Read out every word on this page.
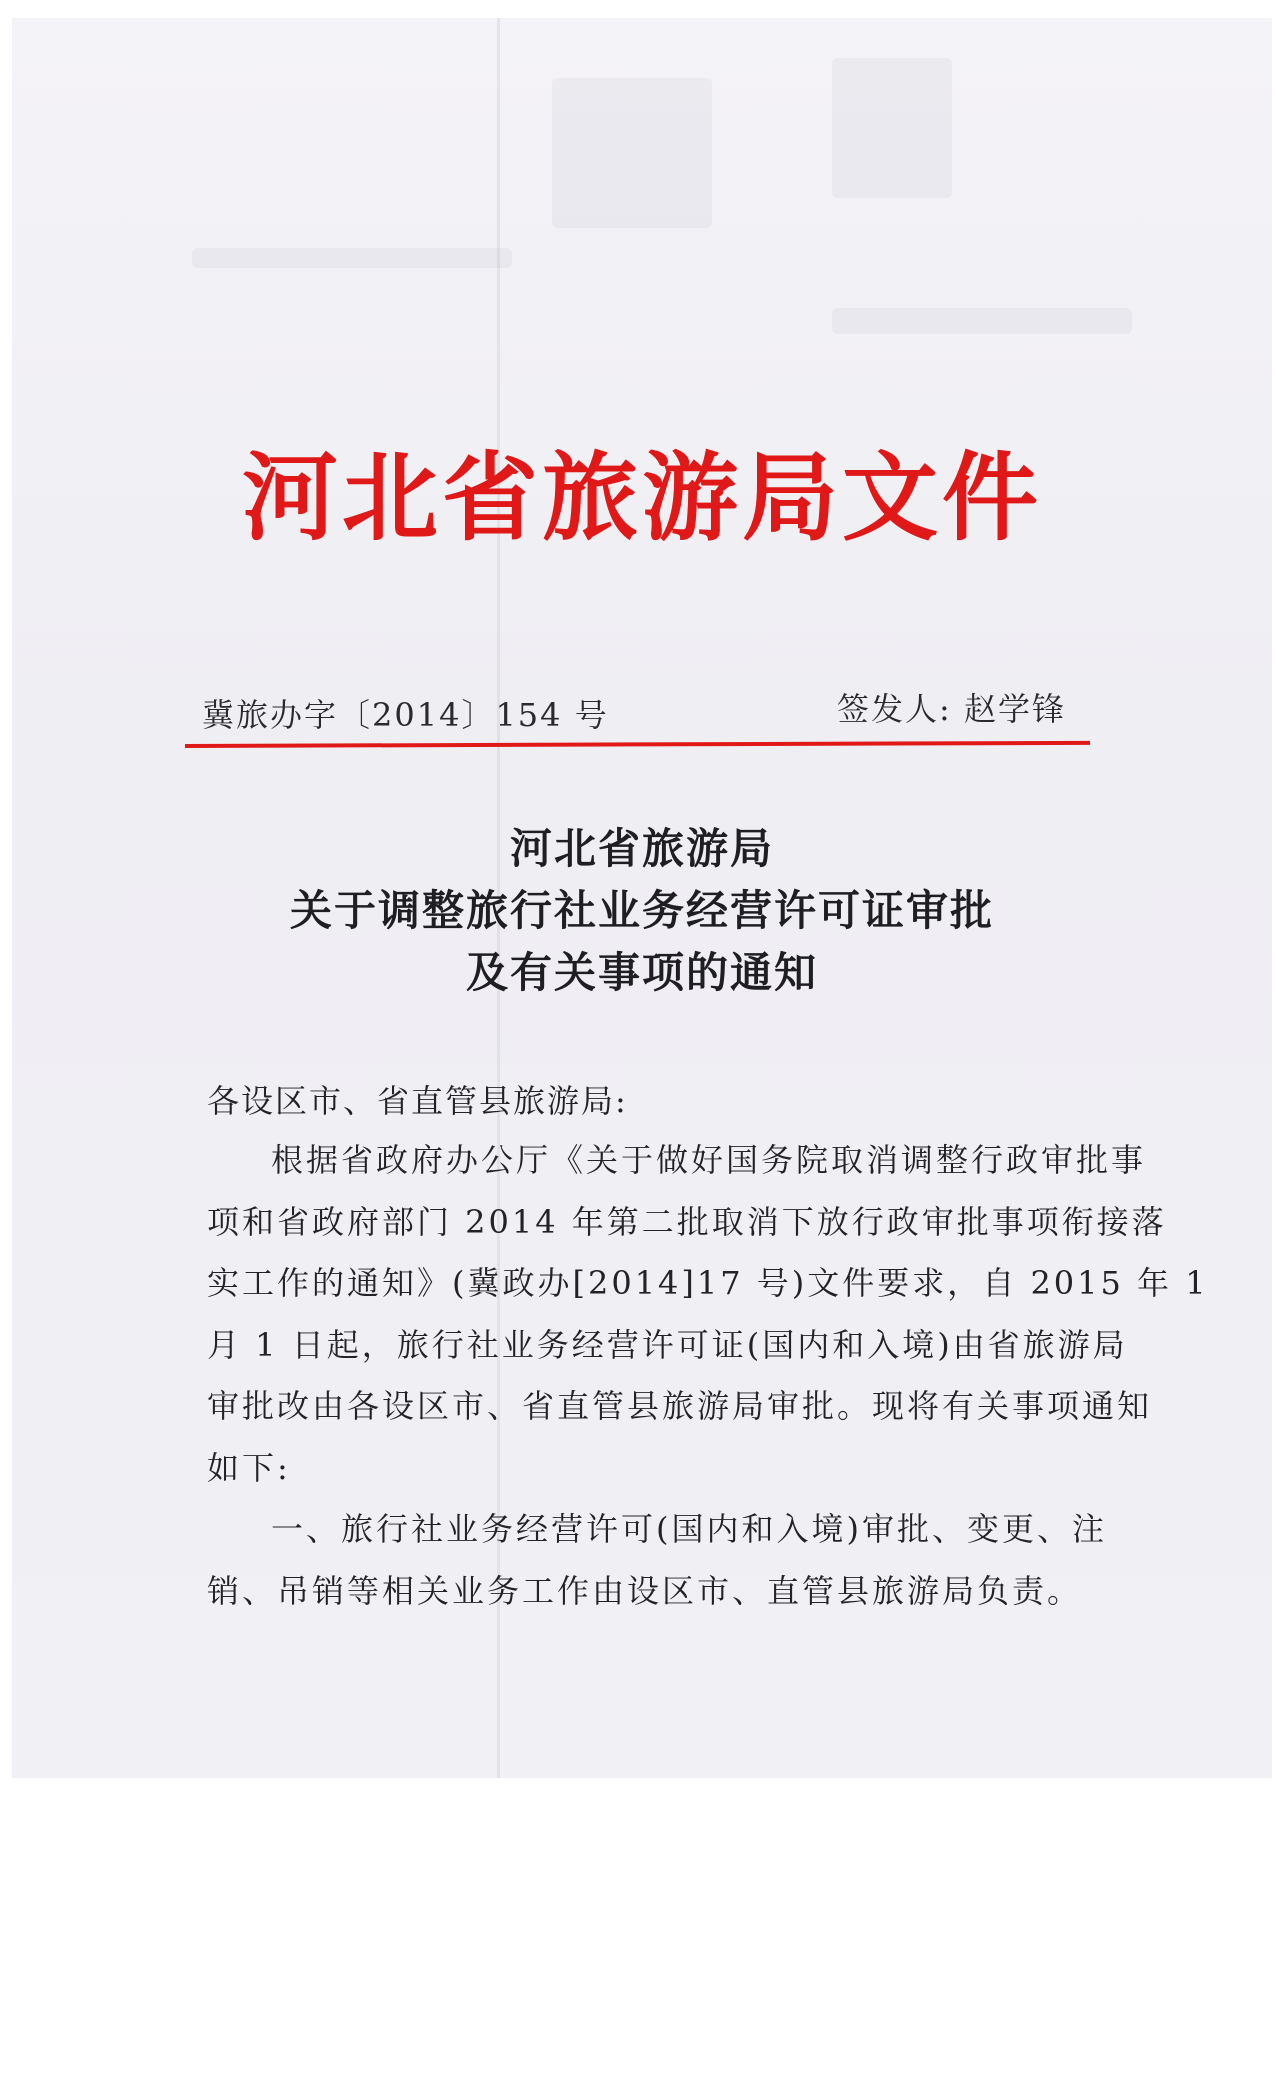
河北省旅游局文件
冀旅办字〔2014〕154 号	签发人: 赵学锋
河北省旅游局
关于调整旅行社业务经营许可证审批
及有关事项的通知
各设区市、省直管县旅游局:
根据省政府办公厅《关于做好国务院取消调整行政审批事
项和省政府部门 2014 年第二批取消下放行政审批事项衔接落
实工作的通知》(冀政办[2014]17 号)文件要求，自 2015 年 1
月 1 日起，旅行社业务经营许可证(国内和入境)由省旅游局
审批改由各设区市、省直管县旅游局审批。现将有关事项通知
如下:
一、旅行社业务经营许可(国内和入境)审批、变更、注
销、吊销等相关业务工作由设区市、直管县旅游局负责。
